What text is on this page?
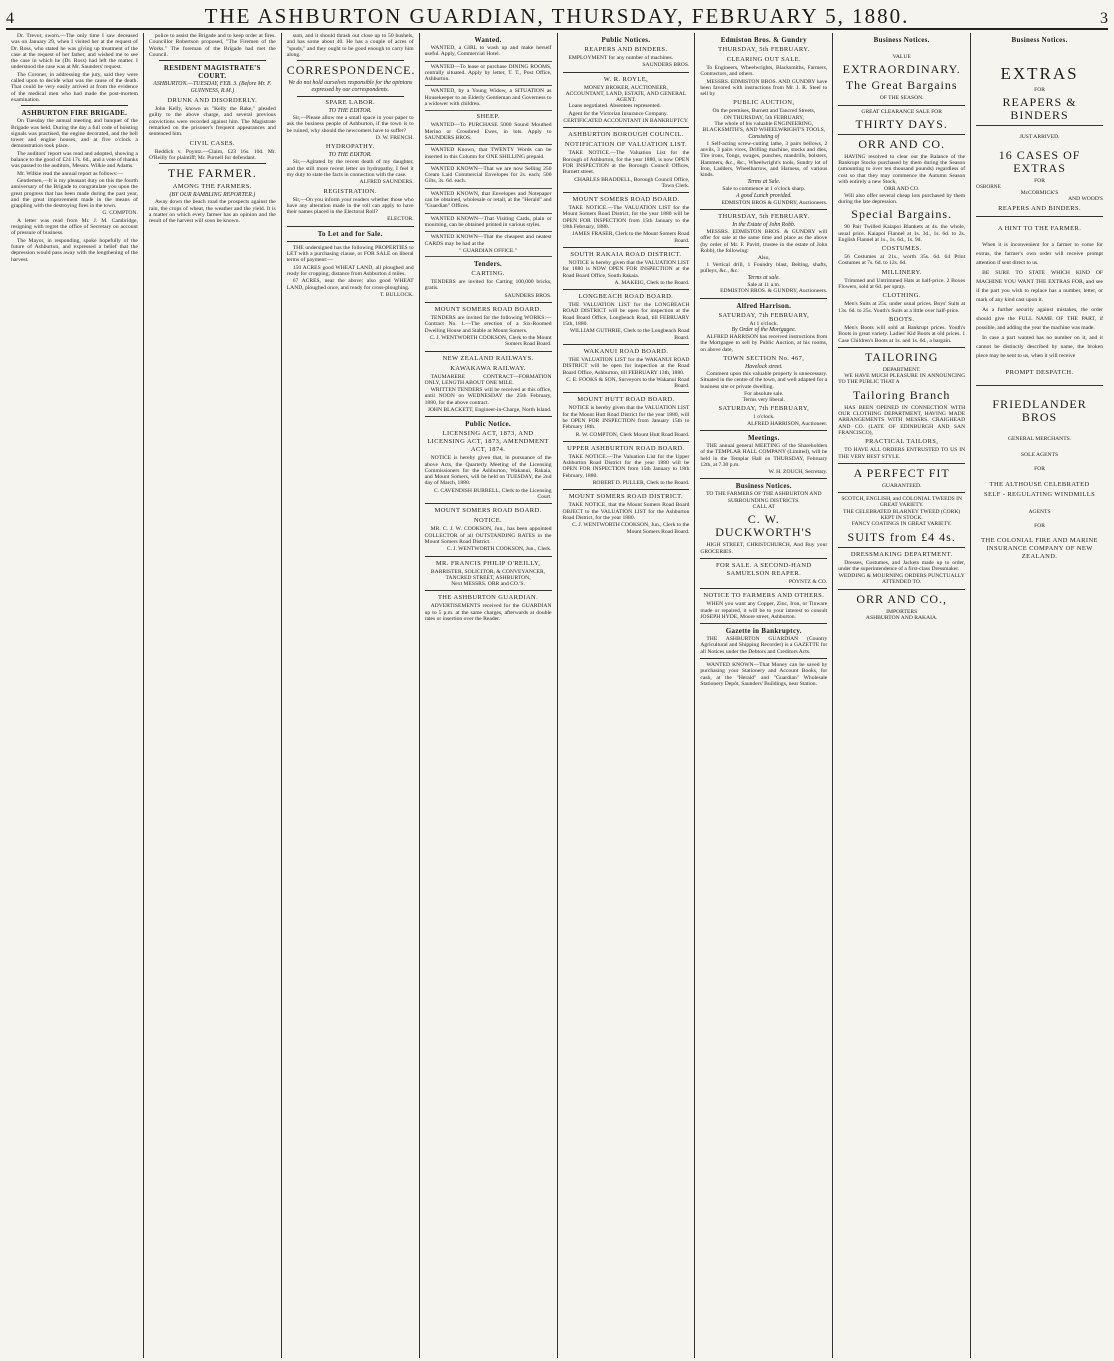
4	THE ASHBURTON GUARDIAN, THURSDAY, FEBRUARY 5, 1880.	3

Dr. Trevor, sworn.—The only time I saw deceased was on January 29, when I visited her at the request of Dr. Ross, who stated he was giving up treatment of the case at the request of her father, and wished me to see the case in which he (Dr. Ross) had left the matter. I understood the case was at Mr. Saunders' request.

The Coroner, in addressing the jury, said they were called upon to decide what was the cause of the death. That could be very easily arrived at from the evidence of the medical men who had made the post-mortem examination.

ASHBURTON FIRE BRIGADE.

On Tuesday the annual meeting and banquet of the Brigade was held. During the day a full code of hoisting signals was practised, the engine decorated, and the bell tower and engine houses, and at five o'clock a demonstration took place.

The auditors' report was read and adopted, showing a balance to the good of £24 17s. 6d., and a vote of thanks was passed to the auditors, Messrs. Wilkie and Adams.

Mr. Wilkie read the annual report as follows:—

Gentlemen,—It is my pleasant duty on this the fourth anniversary of the Brigade to congratulate you upon the great progress that has been made during the past year, and the great improvement made in the means of grappling with the destroying fires in the town.

G. COMPTON.

A letter was read from Mr. J. M. Cambridge, resigning with regret the office of Secretary on account of pressure of business.

The Mayor, in responding, spoke hopefully of the future of Ashburton, and expressed a belief that the depression would pass away with the lengthening of the harvest.

police to assist the Brigade and to keep order at fires. Councillor Robertson proposed, "The Firemen of the Works." The foreman of the Brigade had met the Council.

RESIDENT MAGISTRATE'S COURT.
ASHBURTON.—TUESDAY, FEB. 3. (Before Mr. F. GUINNESS, R.M.)
DRUNK AND DISORDERLY.

John Kelly, known as "Kelly the Rake," pleaded guilty to the above charge, and several previous convictions were recorded against him. The Magistrate remarked on the prisoner's frequent appearances and sentenced him.

CIVIL CASES.

Reddick v. Poyntz.—Claim, £23 16s. 10d. Mr. O'Reilly for plaintiff; Mr. Purnell for defendant.

THE FARMER.
AMONG THE FARMERS.
(BY OUR RAMBLING REPORTER.)

Away down the beach road the prospects against the rain, the crops of wheat, the weather and the yield. It is a matter on which every farmer has an opinion and the result of the harvest will soon be known.

sum, and it should thrash out close up to 50 bushels, and has some about 40. He has a couple of acres of "spuds," and they ought to be good enough to carry him along.

CORRESPONDENCE.
We do not hold ourselves responsible for the opinions expressed by our correspondents.
SPARE LABOR.
TO THE EDITOR.

Sir,—Please allow me a small space in your paper to ask the business people of Ashburton, if the town is to be ruined, why should the newcomers have to suffer?

D. W. FRENCH.

HYDROPATHY.
TO THE EDITOR.

Sir,—Agitated by the recent death of my daughter, and the still more recent letter on hydropathy, I feel it my duty to state the facts in connection with the case.

ALFRED SAUNDERS.

REGISTRATION.

Sir,—On you inform your readers whether those who have any alteration made in the roll can apply to have their names placed in the Electoral Roll?

ELECTOR.

To Let and for Sale.

THE undersigned has the following PROPERTIES to LET with a purchasing clause, or FOR SALE on liberal terms of payment:—

150 ACRES good WHEAT LAND, all ploughed and ready for cropping; distance from Ashburton 4 miles.

67 ACRES, near the above; also good WHEAT LAND, ploughed once, and ready for cross-ploughing.

T. BULLOCK.

Wanted.

WANTED, a GIRL to wash up and make herself useful. Apply, Commercial Hotel.

WANTED—To lease or purchase DINING ROOMS, centrally situated. Apply by letter, T. T., Post Office, Ashburton.

WANTED, by a Young Widow, a SITUATION as Housekeeper to an Elderly Gentleman and Governess to a widower with children.

SHEEP.

WANTED—To PURCHASE 5000 Sound Mouthed Merino or Crossbred Ewes, in lots. Apply to SAUNDERS BROS.

WANTED Known, that TWENTY Words can be inserted in this Column for ONE SHILLING prepaid.

WANTED KNOWN—That we are now Selling 250 Cream Laid Commercial Envelopes for 2s. each; 500 Gilts, 3s. 6d. each.

WANTED KNOWN, that Envelopes and Notepaper can be obtained, wholesale or retail, at the "Herald" and "Guardian" Offices.

WANTED KNOWN—That Visiting Cards, plain or mourning, can be obtained printed in various styles.

WANTED KNOWN—That the cheapest and neatest CARDS may be had at the

" GUARDIAN OFFICE."
Tenders.
CARTING.

TENDERS are invited for Carting 100,000 bricks, gratis.

SAUNDERS BROS.

MOUNT SOMERS ROAD BOARD.

TENDERS are invited for the following WORKS:— Contract No. 1.—The erection of a Six-Roomed Dwelling House and Stable at Mount Somers.

C. J. WENTWORTH COOKSON, Clerk to the Mount Somers Road Board.

NEW ZEALAND RAILWAYS.
KAWAKAWA RAILWAY.

TAUMARERE CONTRACT—FORMATION ONLY, LENGTH ABOUT ONE MILE.

WRITTEN TENDERS will be received at this office, until NOON on WEDNESDAY the 25th February, 1880, for the above contract.

JOHN BLACKETT, Engineer-in-Charge, North Island.

Public Notice.
LICENSING ACT, 1873, AND LICENSING ACT, 1873, AMENDMENT ACT, 1874.

NOTICE is hereby given that, in pursuance of the above Acts, the Quarterly Meeting of the Licensing Commissioners for the Ashburton, Wakanui, Rakaia, and Mount Somers, will be held on TUESDAY, the 2nd day of March, 1880.

C. CAVENDISH BURRELL, Clerk to the Licensing Court.

MOUNT SOMERS ROAD BOARD.
NOTICE.

MR. C. J. W. COOKSON, Jun., has been appointed COLLECTOR of all OUTSTANDING RATES in the Mount Somers Road District.

C. J. WENTWORTH COOKSON, Jun., Clerk.

MR. FRANCIS PHILIP O'REILLY,
BARRISTER, SOLICITOR, & CONVEYANCER,
TANCRED STREET, ASHBURTON,
Next MESSRS. ORR and CO.'S.
THE ASHBURTON GUARDIAN.

ADVERTISEMENTS received for the GUARDIAN up to 5 p.m. at the same charges, afterwards at double rates or insertion over the Reader.

Public Notices.
REAPERS AND BINDERS.

EMPLOYMENT for any number of machines.

SAUNDERS BROS.

W. R. ROYLE,
MONEY BROKER, AUCTIONEER,
ACCOUNTANT, LAND, ESTATE, AND GENERAL AGENT.

Loans negotiated. Absentees represented.

Agent for the Victorian Insurance Company.

CERTIFICATED ACCOUNTANT IN BANKRUPTCY.
ASHBURTON BOROUGH COUNCIL.
NOTIFICATION OF VALUATION LIST.

TAKE NOTICE.—The Valuation List for the Borough of Ashburton, for the year 1880, is now OPEN FOR INSPECTION at the Borough Council Offices, Burnett street.

CHARLES BRADDELL, Borough Council Office, Town Clerk.

MOUNT SOMERS ROAD BOARD.

TAKE NOTICE.—The VALUATION LIST for the Mount Somers Road District, for the year 1880 will be OPEN FOR INSPECTION from 15th January to the 18th February, 1880.

JAMES FRASER, Clerk to the Mount Somers Road Board.

SOUTH RAKAIA ROAD DISTRICT.

NOTICE is hereby given that the VALUATION LIST for 1880 is NOW OPEN FOR INSPECTION at the Road Board Office, South Rakaia.

A. MAKEIG, Clerk to the Board.

LONGBEACH ROAD BOARD.

THE VALUATION LIST for the LONGBEACH ROAD DISTRICT will be open for inspection at the Road Board Office, Longbeach Road, till FEBRUARY 15th, 1880.

WILLIAM GUTHRIE, Clerk to the Longbeach Road Board.

WAKANUI ROAD BOARD.

THE VALUATION LIST for the WAKANUI ROAD DISTRICT will be open for inspection at the Road Board Office, Ashburton, till FEBRUARY 13th, 1880.

C. E. FOOKS & SON, Surveyors to the Wakanui Road Board.

MOUNT HUTT ROAD BOARD.

NOTICE is hereby given that the VALUATION LIST for the Mount Hutt Road District for the year 1880, will be OPEN FOR INSPECTION from January 15th to February 18th.

R. W. COMPTON, Clerk Mount Hutt Road Board.

UPPER ASHBURTON ROAD BOARD.

TAKE NOTICE.—The Valuation List for the Upper Ashburton Road District for the year 1880 will be OPEN FOR INSPECTION from 15th January to 18th February, 1880.

ROBERT D. PULLER, Clerk to the Board.

MOUNT SOMERS ROAD DISTRICT.

TAKE NOTICE, that the Mount Somers Road Board OBJECT to the VALUATION LIST for the Ashburton Road District, for the year 1880.

C. J. WENTWORTH COOKSON, Jun., Clerk to the Mount Somers Road Board.

Edmiston Bros. & Gundry
THURSDAY, 5th FEBRUARY.
CLEARING OUT SALE.

To Engineers, Wheelwrights, Blacksmiths, Farmers, Contractors, and others.

MESSRS. EDMISTON BROS. AND GUNDRY have been favored with instructions from Mr. J. R. Steel to sell by

PUBLIC AUCTION,
On the premises, Burnett and Tancred Streets,
ON THURSDAY, 5th FEBRUARY,
The whole of his valuable ENGINEERING, BLACKSMITH'S, AND WHEELWRIGHT'S TOOLS,
Consisting of

1 Self-acting screw-cutting lathe, 3 pairs bellows, 2 anvils, 3 pairs vices, Drilling machine, stocks and dies, Tire irons, Tongs, swages, punches, mandrills, bolsters, Hammers, &c., &c., Wheelwright's tools, Sundry lot of Iron, Ladders, Wheelbarrow, and Harness, of various kinds.

Terms at Sale.
Sale to commence at 1 o'clock sharp.
A good Lunch provided.

EDMISTON BROS & GUNDRY, Auctioneers.

THURSDAY, 5th FEBRUARY.
In the Estate of John Robb.

MESSRS. EDMISTON BROS. & GUNDRY will offer for sale at the same time and place as the above (by order of Mr. F. Pavitt, trustee in the estate of John Robb), the following:

Also,

1 Vertical drill, 1 Foundry blast, Belting, shafts, pulleys, &c., &c.

Terms at sale.
Sale at 11 a.m.

EDMISTON BROS. & GUNDRY, Auctioneers.

Alfred Harrison.
SATURDAY, 7th FEBRUARY,
At 1 o'clock.
By Order of the Mortgagee.

ALFRED HARRISON has received instructions from the Mortgagee to sell by Public Auction, at his rooms, on above date,

TOWN SECTION No. 467,
Havelock street.

Comment upon this valuable property is unnecessary. Situated in the centre of the town, and well adapted for a business site or private dwelling.

For absolute sale.
Terms very liberal.
SATURDAY, 7th FEBRUARY,
1 o'clock.

ALFRED HARRISON, Auctioneer.

Meetings.

THE annual general MEETING of the Shareholders of the TEMPLAR HALL COMPANY (Limited), will be held in the Templar Hall on THURSDAY, February 12th, at 7.30 p.m.

W. H. ZOUCH, Secretary.

Business Notices.
TO THE FARMERS OF THE ASHBURTON AND SURROUNDING DISTRICTS.
CALL AT
C. W. DUCKWORTH'S

HIGH STREET, CHRISTCHURCH, And Buy your GROCERIES.

FOR SALE. A SECOND-HAND SAMUELSON REAPER.

POYNTZ & CO.

NOTICE TO FARMERS AND OTHERS.

WHEN you want any Copper, Zinc, Iron, or Tinware made or repaired, it will be to your interest to consult JOSEPH HYDE, Moore street, Ashburton.

Gazette in Bankruptcy.

THE ASHBURTON GUARDIAN (Country Agricultural and Shipping Recorder) is a GAZETTE for all Notices under the Debtors and Creditors Acts.

WANTED KNOWN—That Money can be saved by purchasing your Stationery and Account Books, for cash, at the "Herald" and "Guardian" Wholesale Stationery Depôt, Saunders' Buildings, near Station.

Business Notices.
VALUE
EXTRAORDINARY.
The Great Bargains
OF THE SEASON.
GREAT CLEARANCE SALE FOR
THIRTY DAYS.
ORR AND CO.

HAVING resolved to clear out the Balance of the Bankrupt Stocks purchased by them during the Season (amounting to over ten thousand pounds) regardless of cost so that they may commence the Autumn Season with entirely a new Stock,

ORR AND CO.

Will also offer several cheap lots purchased by them during the late depression.

Special Bargains.

90 Pair Twilled Kaiapoi Blankets at 4s. the whole, usual price. Kaiapoi Flannel at 1s. 3d., 1s. 6d. to 2s. English Flannel at 1s., 1s. 6d., 1s. 9d.

COSTUMES.

56 Costumes at 21s., worth 35s. 6d. 64 Print Costumes at 7s. 6d. to 12s. 6d.

MILLINERY.

Trimmed and Untrimmed Hats at half-price. 2 Boxes Flowers, sold at 6d. per spray.

CLOTHING.

Men's Suits at 25s. under usual prices. Boys' Suits at 13s. 6d. to 25s. Youth's Suits at a little over half-price.

BOOTS.

Men's Boots will sold at Bankrupt prices. Youth's Boots in great variety. Ladies' Kid Boots at old prices. 1 Case Children's Boots at 1s. and 1s. 6d., a bargain.

TAILORING
DEPARTMENT.

WE HAVE MUCH PLEASURE IN ANNOUNCING TO THE PUBLIC THAT A

Tailoring Branch

HAS BEEN OPENED IN CONNECTION WITH OUR CLOTHING DEPARTMENT, HAVING MADE ARRANGEMENTS WITH MESSRS. CRAIGHEAD AND CO. (LATE OF EDINBURGH AND SAN FRANCISCO),

PRACTICAL TAILORS,

TO HAVE ALL ORDERS ENTRUSTED TO US IN THE VERY BEST STYLE.

A PERFECT FIT
GUARANTEED.
SCOTCH, ENGLISH, and COLONIAL TWEEDS IN GREAT VARIETY.
THE CELEBRATED BLARNEY TWEED (CORK) KEPT IN STOCK.
FANCY COATINGS IN GREAT VARIETY.
SUITS from £4 4s.
DRESSMAKING DEPARTMENT.

Dresses, Costumes, and Jackets made up to order, under the superintendence of a first-class Dressmaker.

WEDDING & MOURNING ORDERS PUNCTUALLY ATTENDED TO.
ORR AND CO.,
IMPORTERS
ASHBURTON AND RAKAIA.
Business Notices.
EXTRAS
FOR
REAPERS & BINDERS
JUST ARRIVED.
16 CASES OF EXTRAS
FOR
OSBORNE
McCORMICK'S
AND WOOD'S
REAPERS AND BINDERS.
A HINT TO THE FARMER.

When it is inconvenient for a farmer to come for extras, the farmer's own order will receive prompt attention if sent direct to us.

BE SURE TO STATE WHICH KIND OF MACHINE YOU WANT THE EXTRAS FOR, and see if the part you wish to replace has a number, letter, or mark of any kind cast upon it.

As a further security against mistakes, the order should give the FULL NAME OF THE PART, if possible, and adding the year the machine was made.

In case a part wanted has no number on it, and it cannot be distinctly described by name, the broken piece may be sent to us, when it will receive

PROMPT DESPATCH.
FRIEDLANDER BROS
GENERAL MERCHANTS.
SOLE AGENTS
FOR
THE ALTHOUSE CELEBRATED
SELF - REGULATING WINDMILLS
AGENTS
FOR
THE COLONIAL FIRE AND MARINE INSURANCE COMPANY OF NEW ZEALAND.
